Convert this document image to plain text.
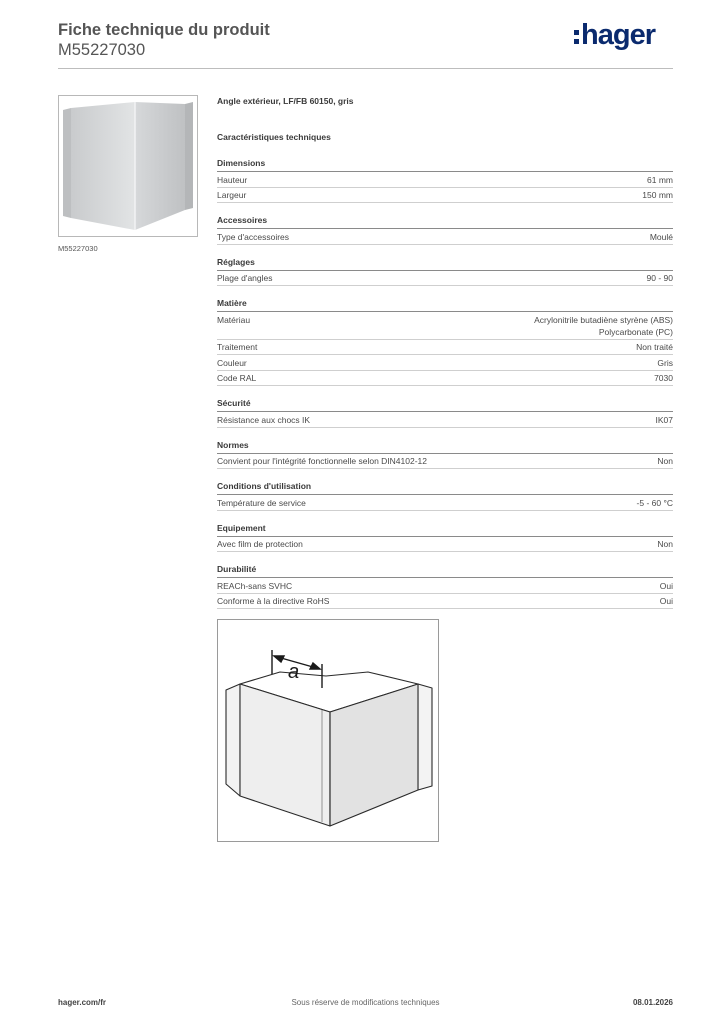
Fiche technique du produit
M55227030	hager
M55227030
Angle extérieur, LF/FB 60150, gris
Caractéristiques techniques
Dimensions
Hauteur	61 mm
Largeur	150 mm
Accessoires
Type d'accessoires	Moulé
Réglages
Plage d'angles	90 - 90
Matière
Matériau	Acrylonitrile butadiène styrène (ABS)
Polycarbonate (PC)
Traitement	Non traité
Couleur	Gris
Code RAL	7030
Sécurité
Résistance aux chocs IK	IK07
Normes
Convient pour l'intégrité fonctionnelle selon DIN4102-12	Non
Conditions d'utilisation
Température de service	-5 - 60 °C
Equipement
Avec film de protection	Non
Durabilité
REACh-sans SVHC	Oui
Conforme à la directive RoHS	Oui
a
Sous réserve de modifications techniques
hager.com/fr	08.01.2026
